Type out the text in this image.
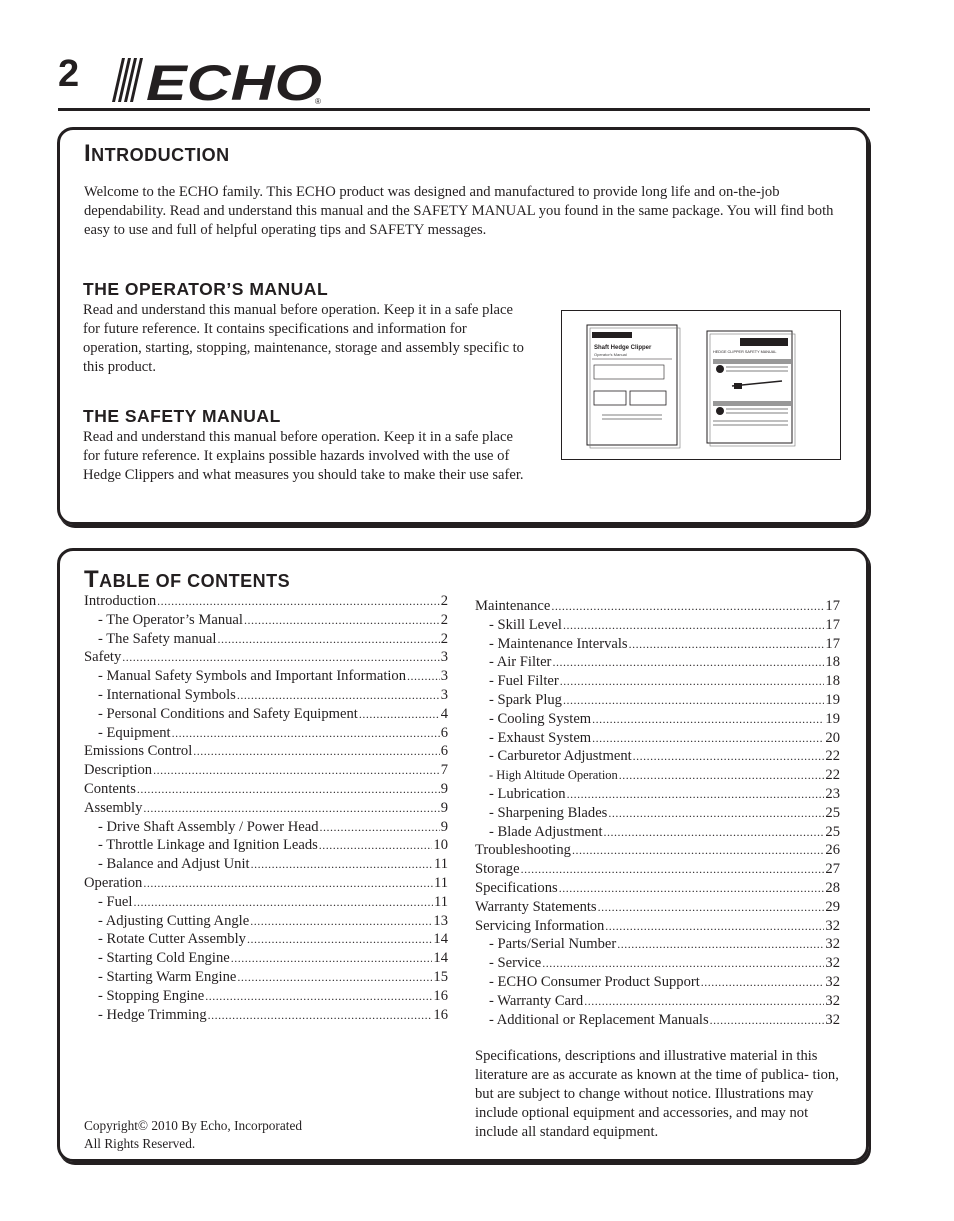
2 ECHO
®
INTRODUCTION

Welcome to the ECHO family. This ECHO product was designed and manufactured to provide long life and on-the-job dependability. Read and understand this manual and the SAFETY MANUAL you found in the same package. You will find both easy to use and full of helpful operating tips and SAFETY messages.

THE OPERATOR’S MANUAL

Read and understand this manual before operation. Keep it in a safe place for future reference. It contains specifications and information for operation, starting, stopping, maintenance, storage and assembly specific to this product.

THE SAFETY MANUAL

Read and understand this manual before operation. Keep it in a safe place for future reference. It explains possible hazards involved with the use of Hedge Clippers and what measures you should take to make their use safer.

Shaft Hedge Clipper
Operator's Manual	HEDGE CLIPPER SAFETY MANUAL
TABLE OF CONTENTS
Introduction .....	2
- The Operator’s Manual .....	2
- The Safety manual .....	2
Safety .....	3
- Manual Safety Symbols and Important Information ..... 3
- International Symbols .....	3
- Personal Conditions and Safety Equipment .....	4
- Equipment .....	6
Emissions Control .....	6
Description .....	7
Contents .....	9
Assembly .....	9
- Drive Shaft Assembly / Power Head .....	9
- Throttle Linkage and Ignition Leads .....	10
- Balance and Adjust Unit .....	11
Operation .....	11
- Fuel .....	11
- Adjusting Cutting Angle .....	13
- Rotate Cutter Assembly .....	14
- Starting Cold Engine .....	14
- Starting Warm Engine .....	15
- Stopping Engine .....	16
- Hedge Trimming .....	16
Maintenance .....	17
- Skill Level .....	17
- Maintenance Intervals .....	17
- Air Filter .....	18
- Fuel Filter .....	18
- Spark Plug .....	19
- Cooling System .....	19
- Exhaust System .....	20
- Carburetor Adjustment .....	22
- High Altitude Operation .....	22
- Lubrication .....	23
- Sharpening Blades .....	25
- Blade Adjustment .....	25
Troubleshooting .....	26
Storage .....	27
Specifications .....	28
Warranty Statements .....	29
Servicing Information .....	32
- Parts/Serial Number .....	32
- Service .....	32
- ECHO Consumer Product Support .....	32
- Warranty Card .....	32
- Additional or Replacement Manuals .....	32
Copyright© 2010 By Echo, Incorporated
All Rights Reserved.

Specifications, descriptions and illustrative material in this literature are as accurate as known at the time of publica- tion, but are subject to change without notice. Illustrations may include optional equipment and accessories, and may not include all standard equipment.
